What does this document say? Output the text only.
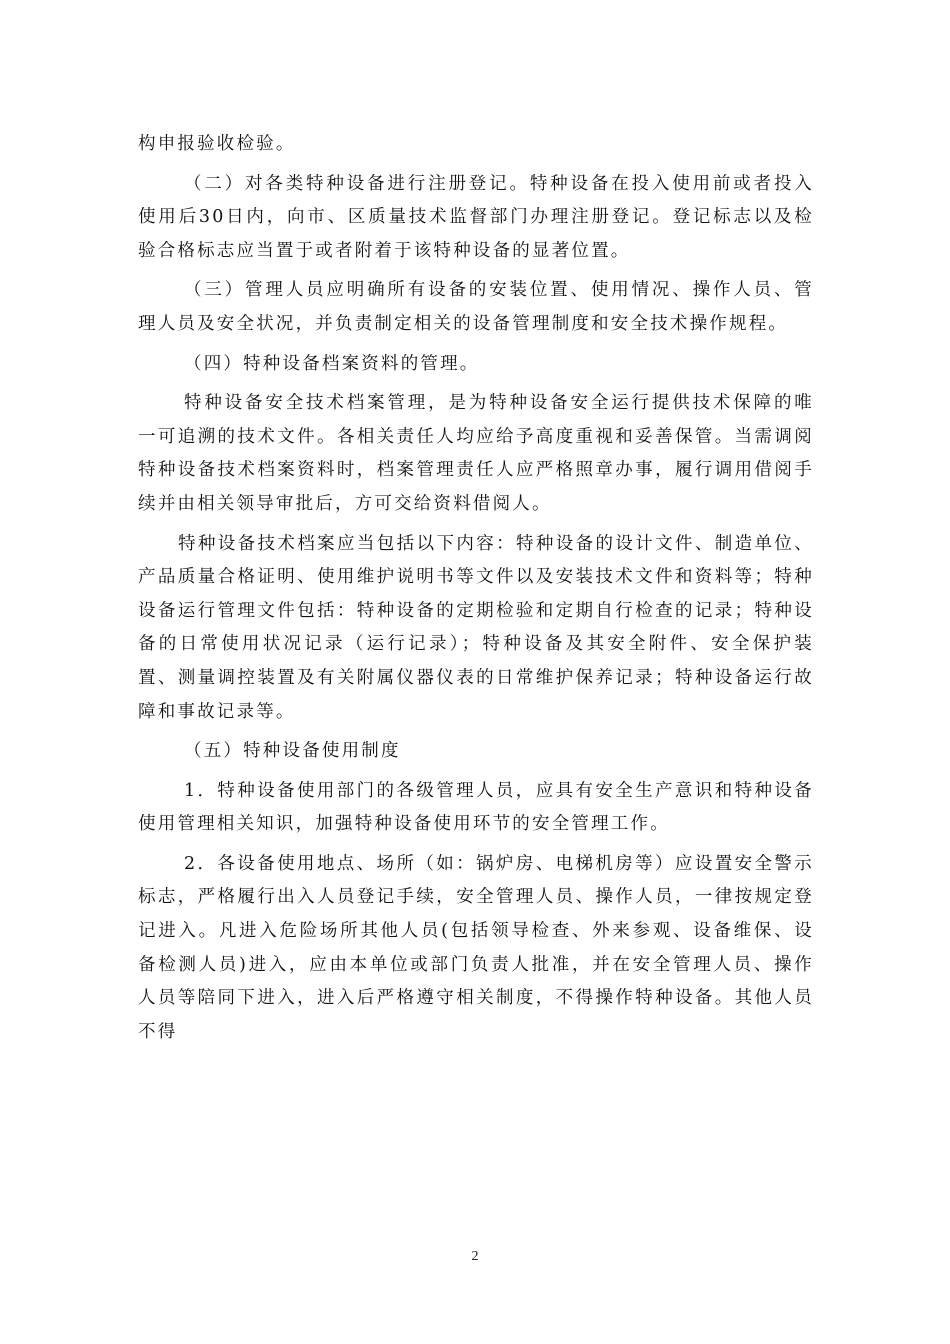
构申报验收检验。

（二）对各类特种设备进行注册登记。特种设备在投入使用前或者投入使用后30日内，向市、区质量技术监督部门办理注册登记。登记标志以及检验合格标志应当置于或者附着于该特种设备的显著位置。

（三）管理人员应明确所有设备的安装位置、使用情况、操作人员、管理人员及安全状况，并负责制定相关的设备管理制度和安全技术操作规程。

（四）特种设备档案资料的管理。

特种设备安全技术档案管理，是为特种设备安全运行提供技术保障的唯一可追溯的技术文件。各相关责任人均应给予高度重视和妥善保管。当需调阅特种设备技术档案资料时，档案管理责任人应严格照章办事，履行调用借阅手续并由相关领导审批后，方可交给资料借阅人。

特种设备技术档案应当包括以下内容：特种设备的设计文件、制造单位、产品质量合格证明、使用维护说明书等文件以及安装技术文件和资料等；特种设备运行管理文件包括：特种设备的定期检验和定期自行检查的记录；特种设备的日常使用状况记录（运行记录）；特种设备及其安全附件、安全保护装置、测量调控装置及有关附属仪器仪表的日常维护保养记录；特种设备运行故障和事故记录等。

（五）特种设备使用制度

1．特种设备使用部门的各级管理人员，应具有安全生产意识和特种设备使用管理相关知识，加强特种设备使用环节的安全管理工作。

2．各设备使用地点、场所（如：锅炉房、电梯机房等）应设置安全警示标志，严格履行出入人员登记手续，安全管理人员、操作人员，一律按规定登记进入。凡进入危险场所其他人员(包括领导检查、外来参观、设备维保、设备检测人员)进入，应由本单位或部门负责人批准，并在安全管理人员、操作人员等陪同下进入，进入后严格遵守相关制度，不得操作特种设备。其他人员不得

2
